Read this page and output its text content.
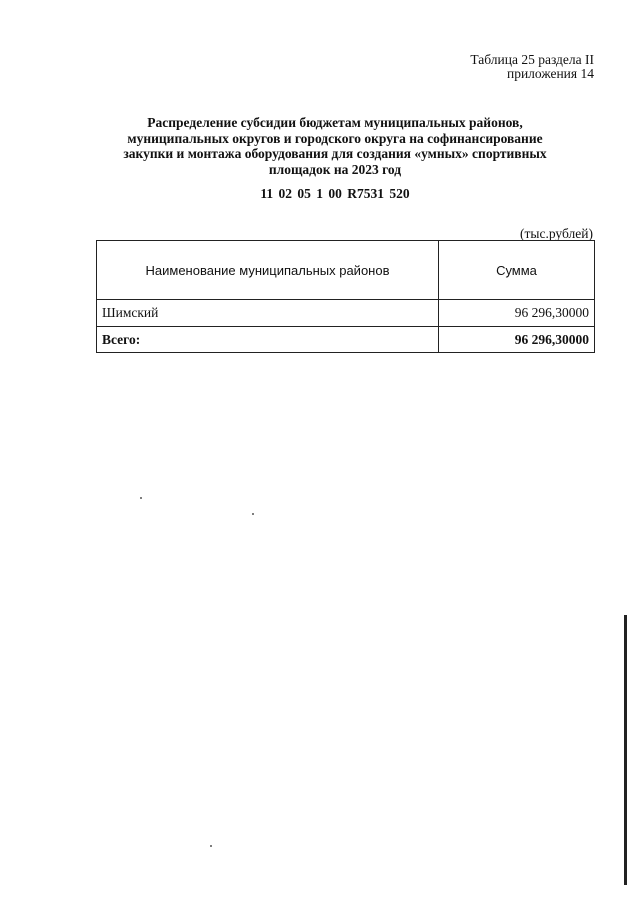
Таблица 25 раздела II
приложения 14
Распределение субсидии бюджетам муниципальных районов,
муниципальных округов и городского округа на софинансирование
закупки и монтажа оборудования для создания «умных» спортивных
площадок на 2023 год
11 02 05 1 00 R7531 520
(тыс.рублей)
Наименование муниципальных районов	Сумма
Шимский	96 296,30000
Всего:	96 296,30000
